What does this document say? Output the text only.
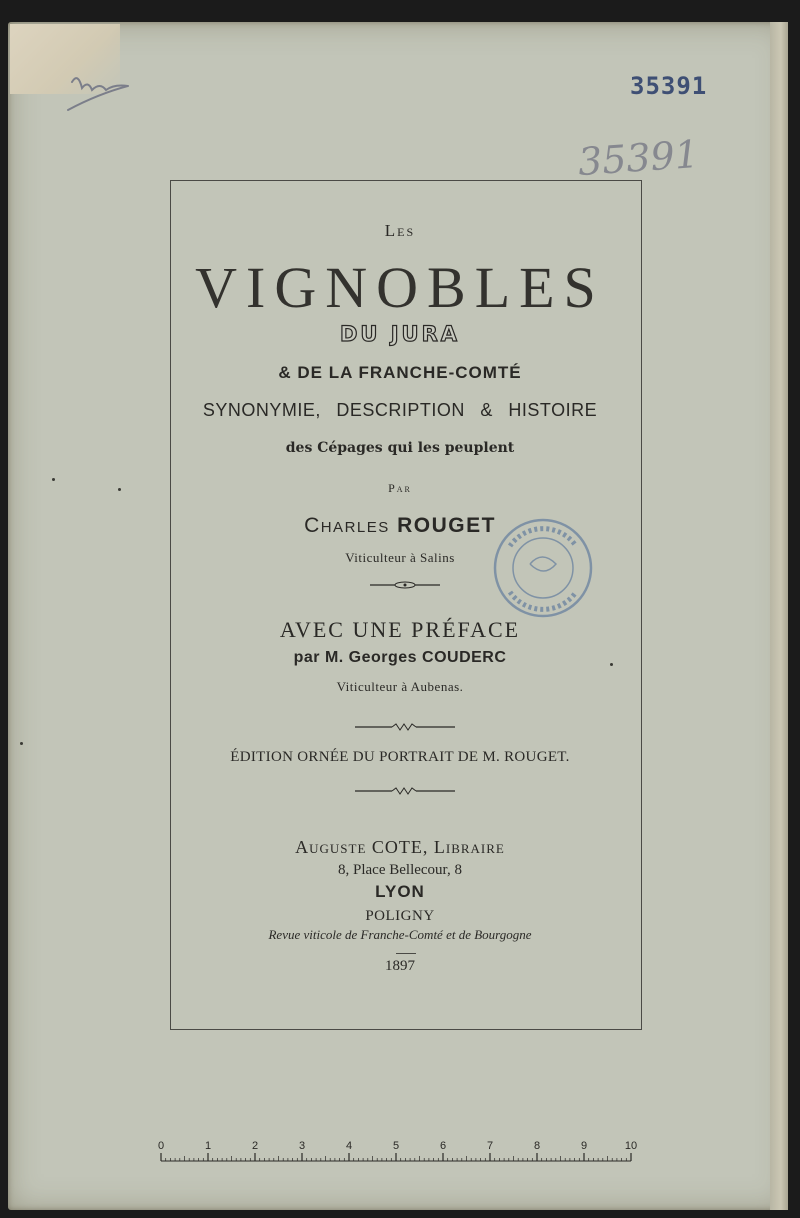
35391
35391
Les
VIGNOBLES
DU JURA
& DE LA FRANCHE-COMTÉ
SYNONYMIE, DESCRIPTION & HISTOIRE
des Cépages qui les peuplent
Par
Charles ROUGET
Viticulteur à Salins
AVEC UNE PRÉFACE
par M. Georges COUDERC
Viticulteur à Aubenas.
ÉDITION ORNÉE DU PORTRAIT DE M. ROUGET.
Auguste COTE, Libraire
8, Place Bellecour, 8
LYON
POLIGNY
Revue viticole de Franche-Comté et de Bourgogne
1897
0	1	2	3	4	5	6	7	8	9	10
